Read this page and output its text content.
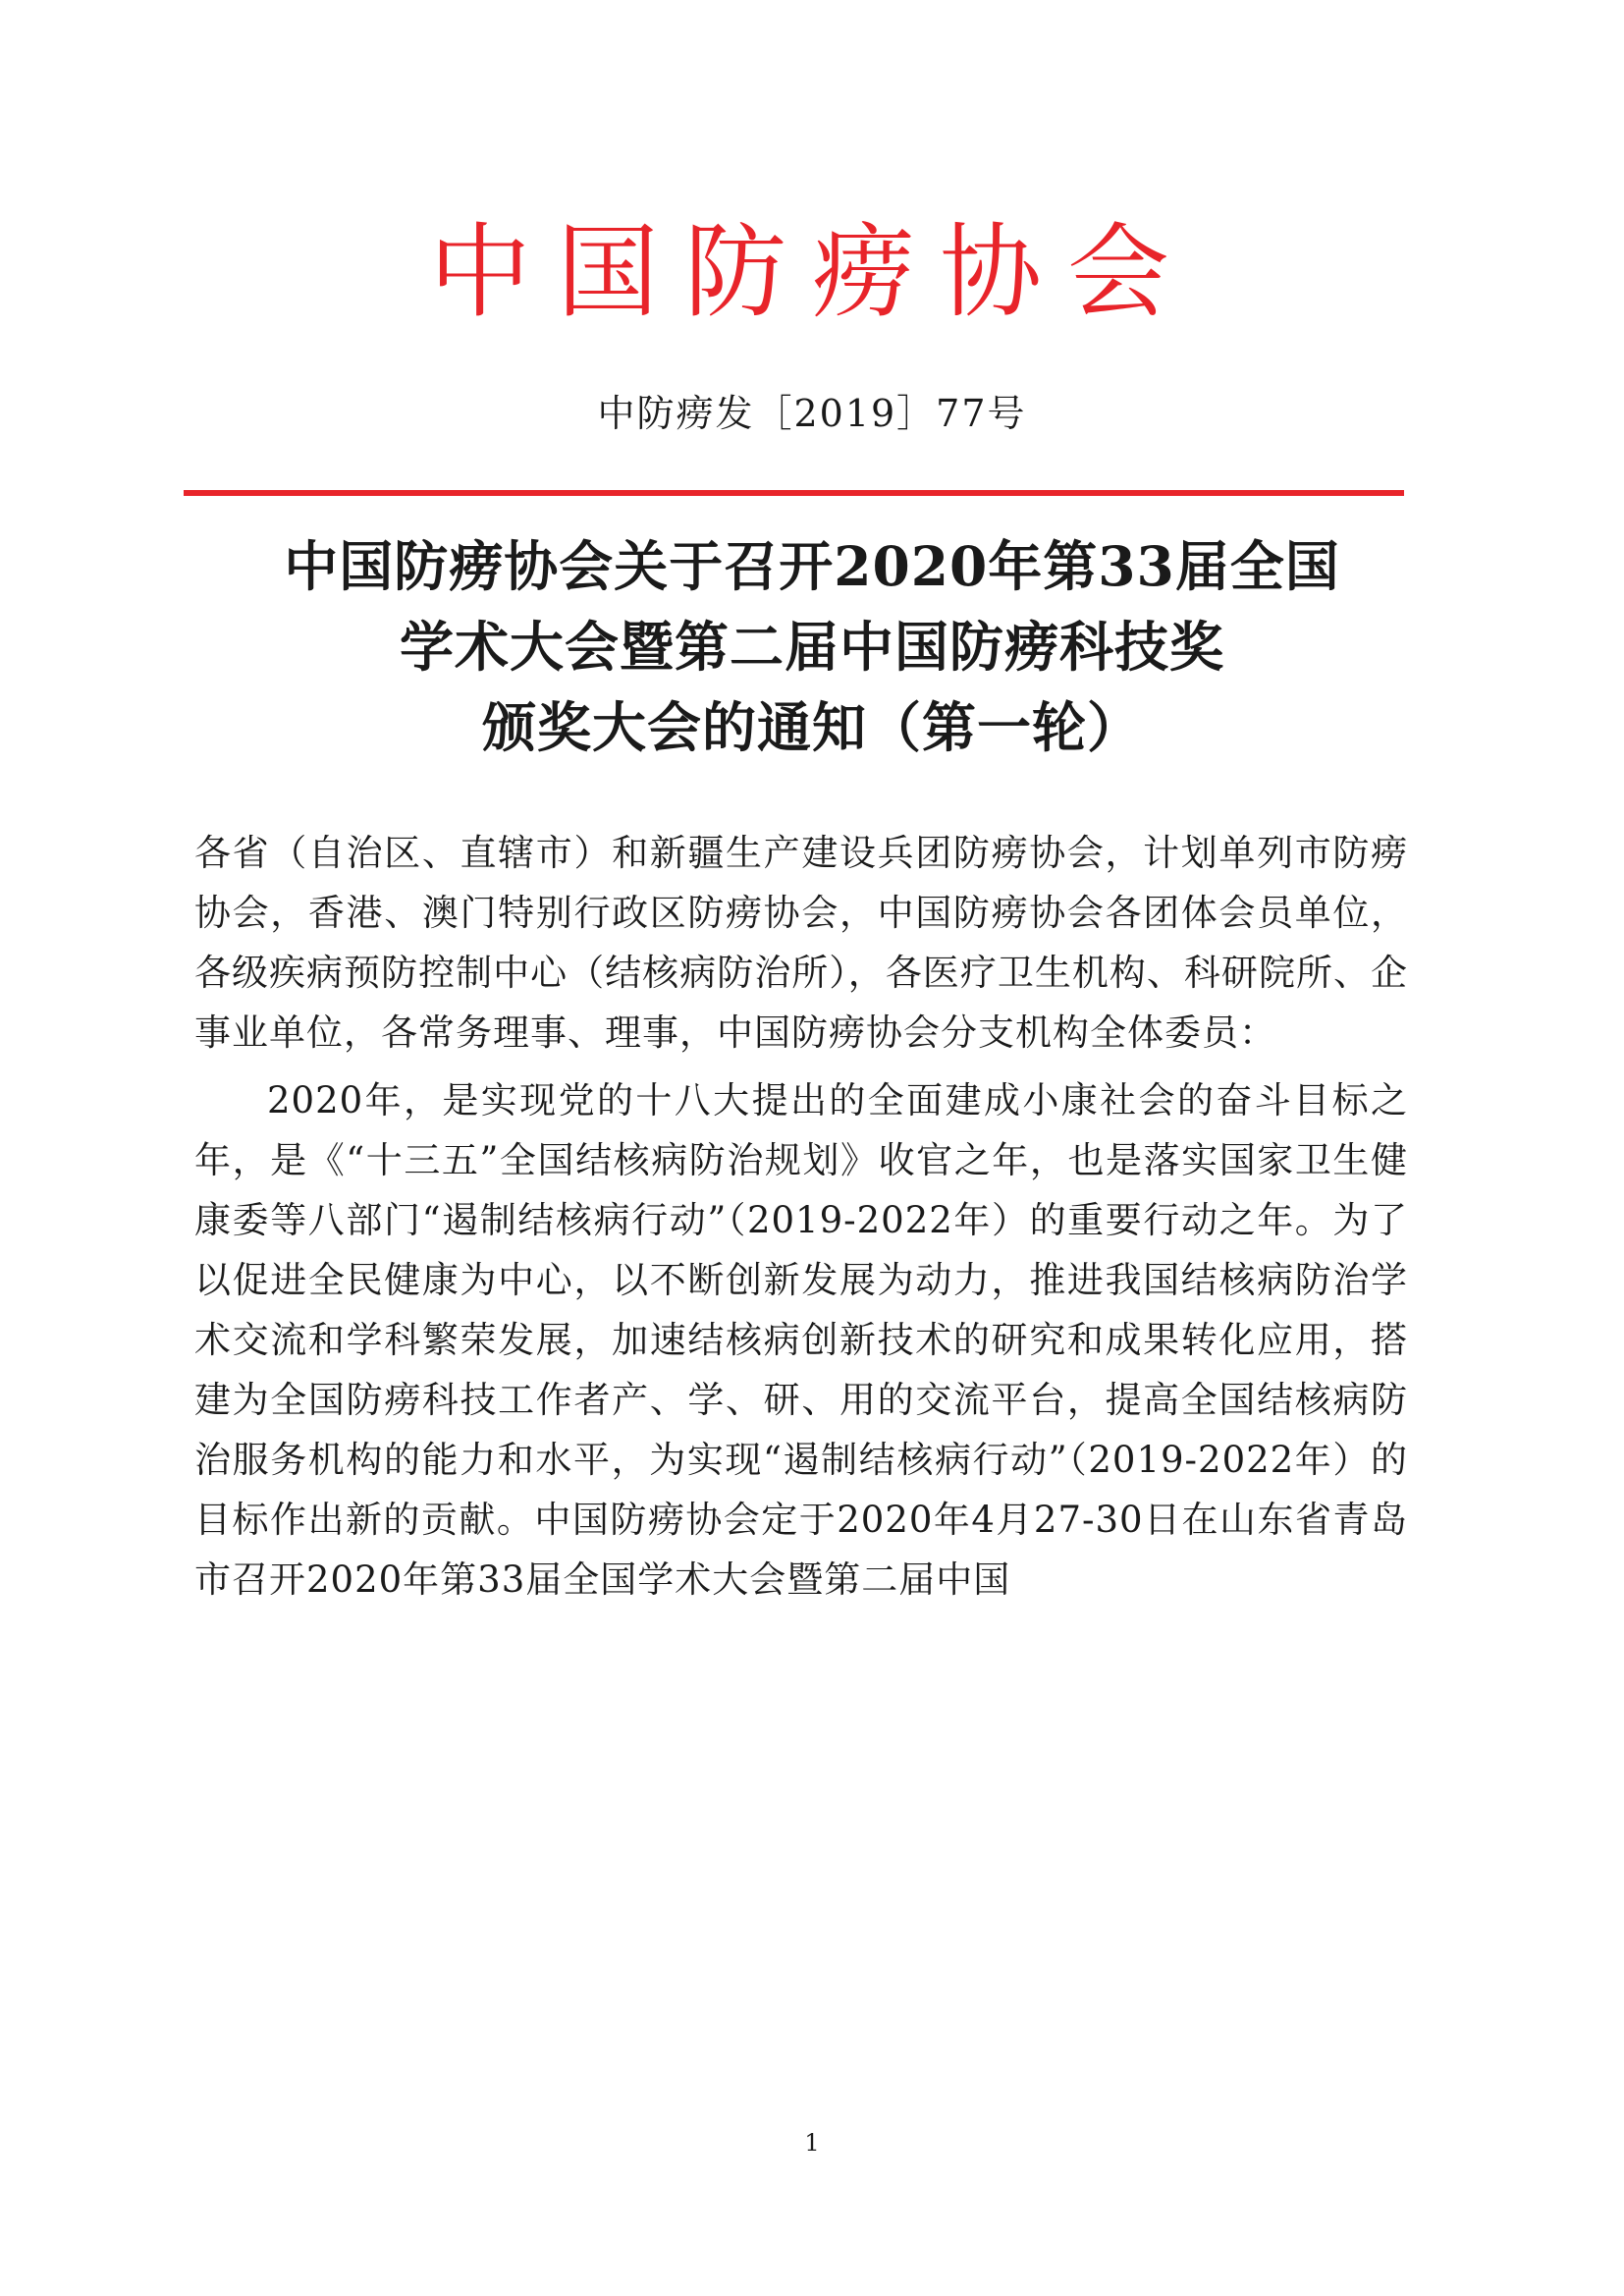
中国防痨协会
中防痨发［2019］77号
中国防痨协会关于召开2020年第33届全国
学术大会暨第二届中国防痨科技奖
颁奖大会的通知（第一轮）

各省（自治区、直辖市）和新疆生产建设兵团防痨协会，计划单列市防痨协会，香港、澳门特别行政区防痨协会，中国防痨协会各团体会员单位，各级疾病预防控制中心（结核病防治所），各医疗卫生机构、科研院所、企事业单位，各常务理事、理事，中国防痨协会分支机构全体委员：

2020年，是实现党的十八大提出的全面建成小康社会的奋斗目标之年，是《“十三五”全国结核病防治规划》收官之年，也是落实国家卫生健康委等八部门“遏制结核病行动”（2019-2022年）的重要行动之年。为了以促进全民健康为中心，以不断创新发展为动力，推进我国结核病防治学术交流和学科繁荣发展，加速结核病创新技术的研究和成果转化应用，搭建为全国防痨科技工作者产、学、研、用的交流平台，提高全国结核病防治服务机构的能力和水平，为实现“遏制结核病行动”（2019-2022年）的目标作出新的贡献。中国防痨协会定于2020年4月27-30日在山东省青岛市召开2020年第33届全国学术大会暨第二届中国

1
